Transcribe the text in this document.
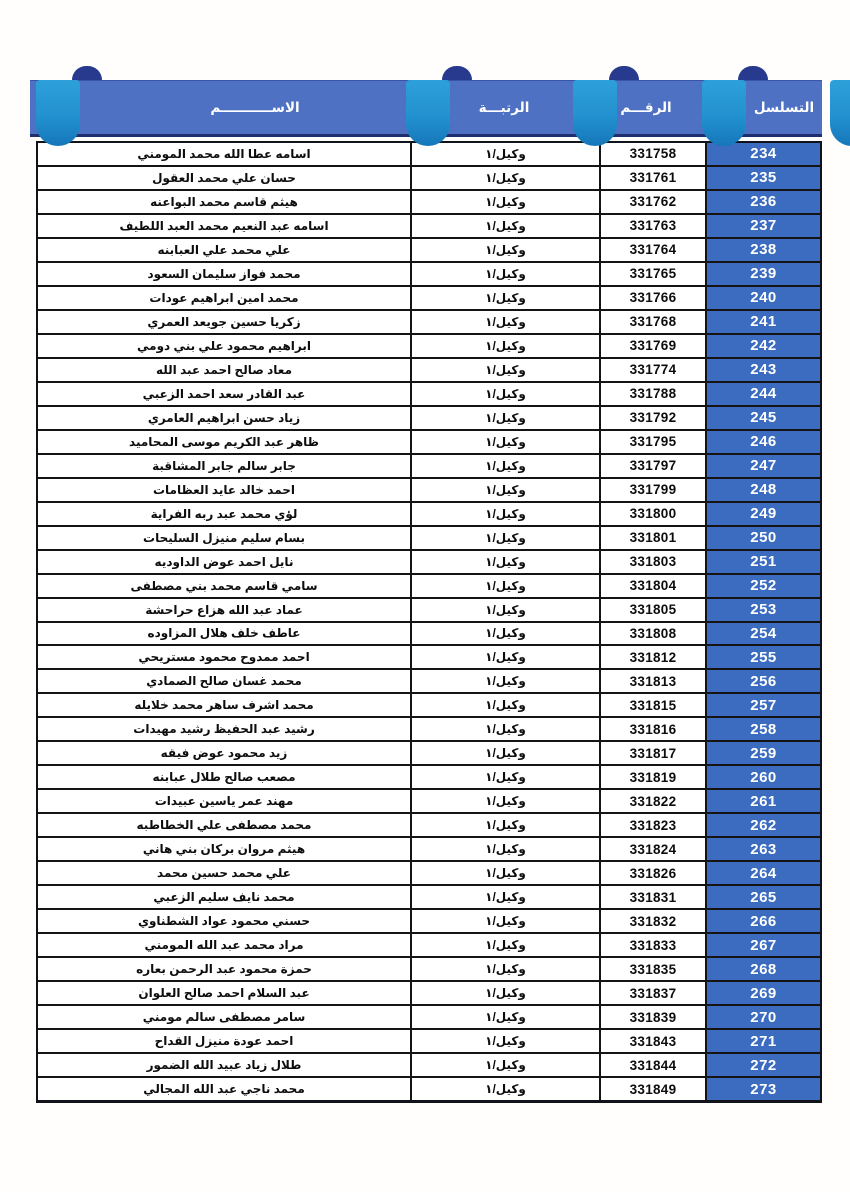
التسلسل
الرقـــم
الرتبـــة
الاســـــــــــم
234
331758
وكيل/١
اسامه عطا الله محمد المومني
235
331761
وكيل/١
حسان علي محمد العقول
236
331762
وكيل/١
هيثم قاسم محمد البواعنه
237
331763
وكيل/١
اسامه عبد النعيم محمد العبد اللطيف
238
331764
وكيل/١
علي محمد علي العبابنه
239
331765
وكيل/١
محمد فواز سليمان السعود
240
331766
وكيل/١
محمد امين ابراهيم عودات
241
331768
وكيل/١
زكريا حسين جويعد العمري
242
331769
وكيل/١
ابراهيم محمود علي بني دومي
243
331774
وكيل/١
معاد صالح احمد عبد الله
244
331788
وكيل/١
عبد القادر سعد احمد الزعبي
245
331792
وكيل/١
زياد حسن ابراهيم العامري
246
331795
وكيل/١
ظاهر عبد الكريم موسى المحاميد
247
331797
وكيل/١
جابر سالم جابر المشاقبة
248
331799
وكيل/١
احمد خالد عايد العظامات
249
331800
وكيل/١
لؤي محمد عبد ربه الفراية
250
331801
وكيل/١
بسام سليم منيزل السليحات
251
331803
وكيل/١
نايل احمد عوض الداوديه
252
331804
وكيل/١
سامي قاسم محمد بني مصطفى
253
331805
وكيل/١
عماد عبد الله هزاع حراحشة
254
331808
وكيل/١
عاطف خلف هلال المزاوده
255
331812
وكيل/١
احمد ممدوح محمود مستريحي
256
331813
وكيل/١
محمد غسان صالح الصمادي
257
331815
وكيل/١
محمد اشرف ساهر محمد خلايله
258
331816
وكيل/١
رشيد عبد الحفيظ رشيد مهيدات
259
331817
وكيل/١
زيد محمود عوض فيقه
260
331819
وكيل/١
مصعب صالح طلال عبابنه
261
331822
وكيل/١
مهند عمر ياسين عبيدات
262
331823
وكيل/١
محمد مصطفى علي الخطاطبه
263
331824
وكيل/١
هيثم مروان بركان بني هاني
264
331826
وكيل/١
علي محمد حسين محمد
265
331831
وكيل/١
محمد نايف سليم الزعبي
266
331832
وكيل/١
حسني محمود عواد الشطناوي
267
331833
وكيل/١
مراد محمد عبد الله المومني
268
331835
وكيل/١
حمزة محمود عبد الرحمن بعاره
269
331837
وكيل/١
عبد السلام احمد صالح العلوان
270
331839
وكيل/١
سامر مصطفى سالم مومني
271
331843
وكيل/١
احمد عودة منيزل القداح
272
331844
وكيل/١
طلال زياد عبيد الله الضمور
273
331849
وكيل/١
محمد ناجي عبد الله المجالي
